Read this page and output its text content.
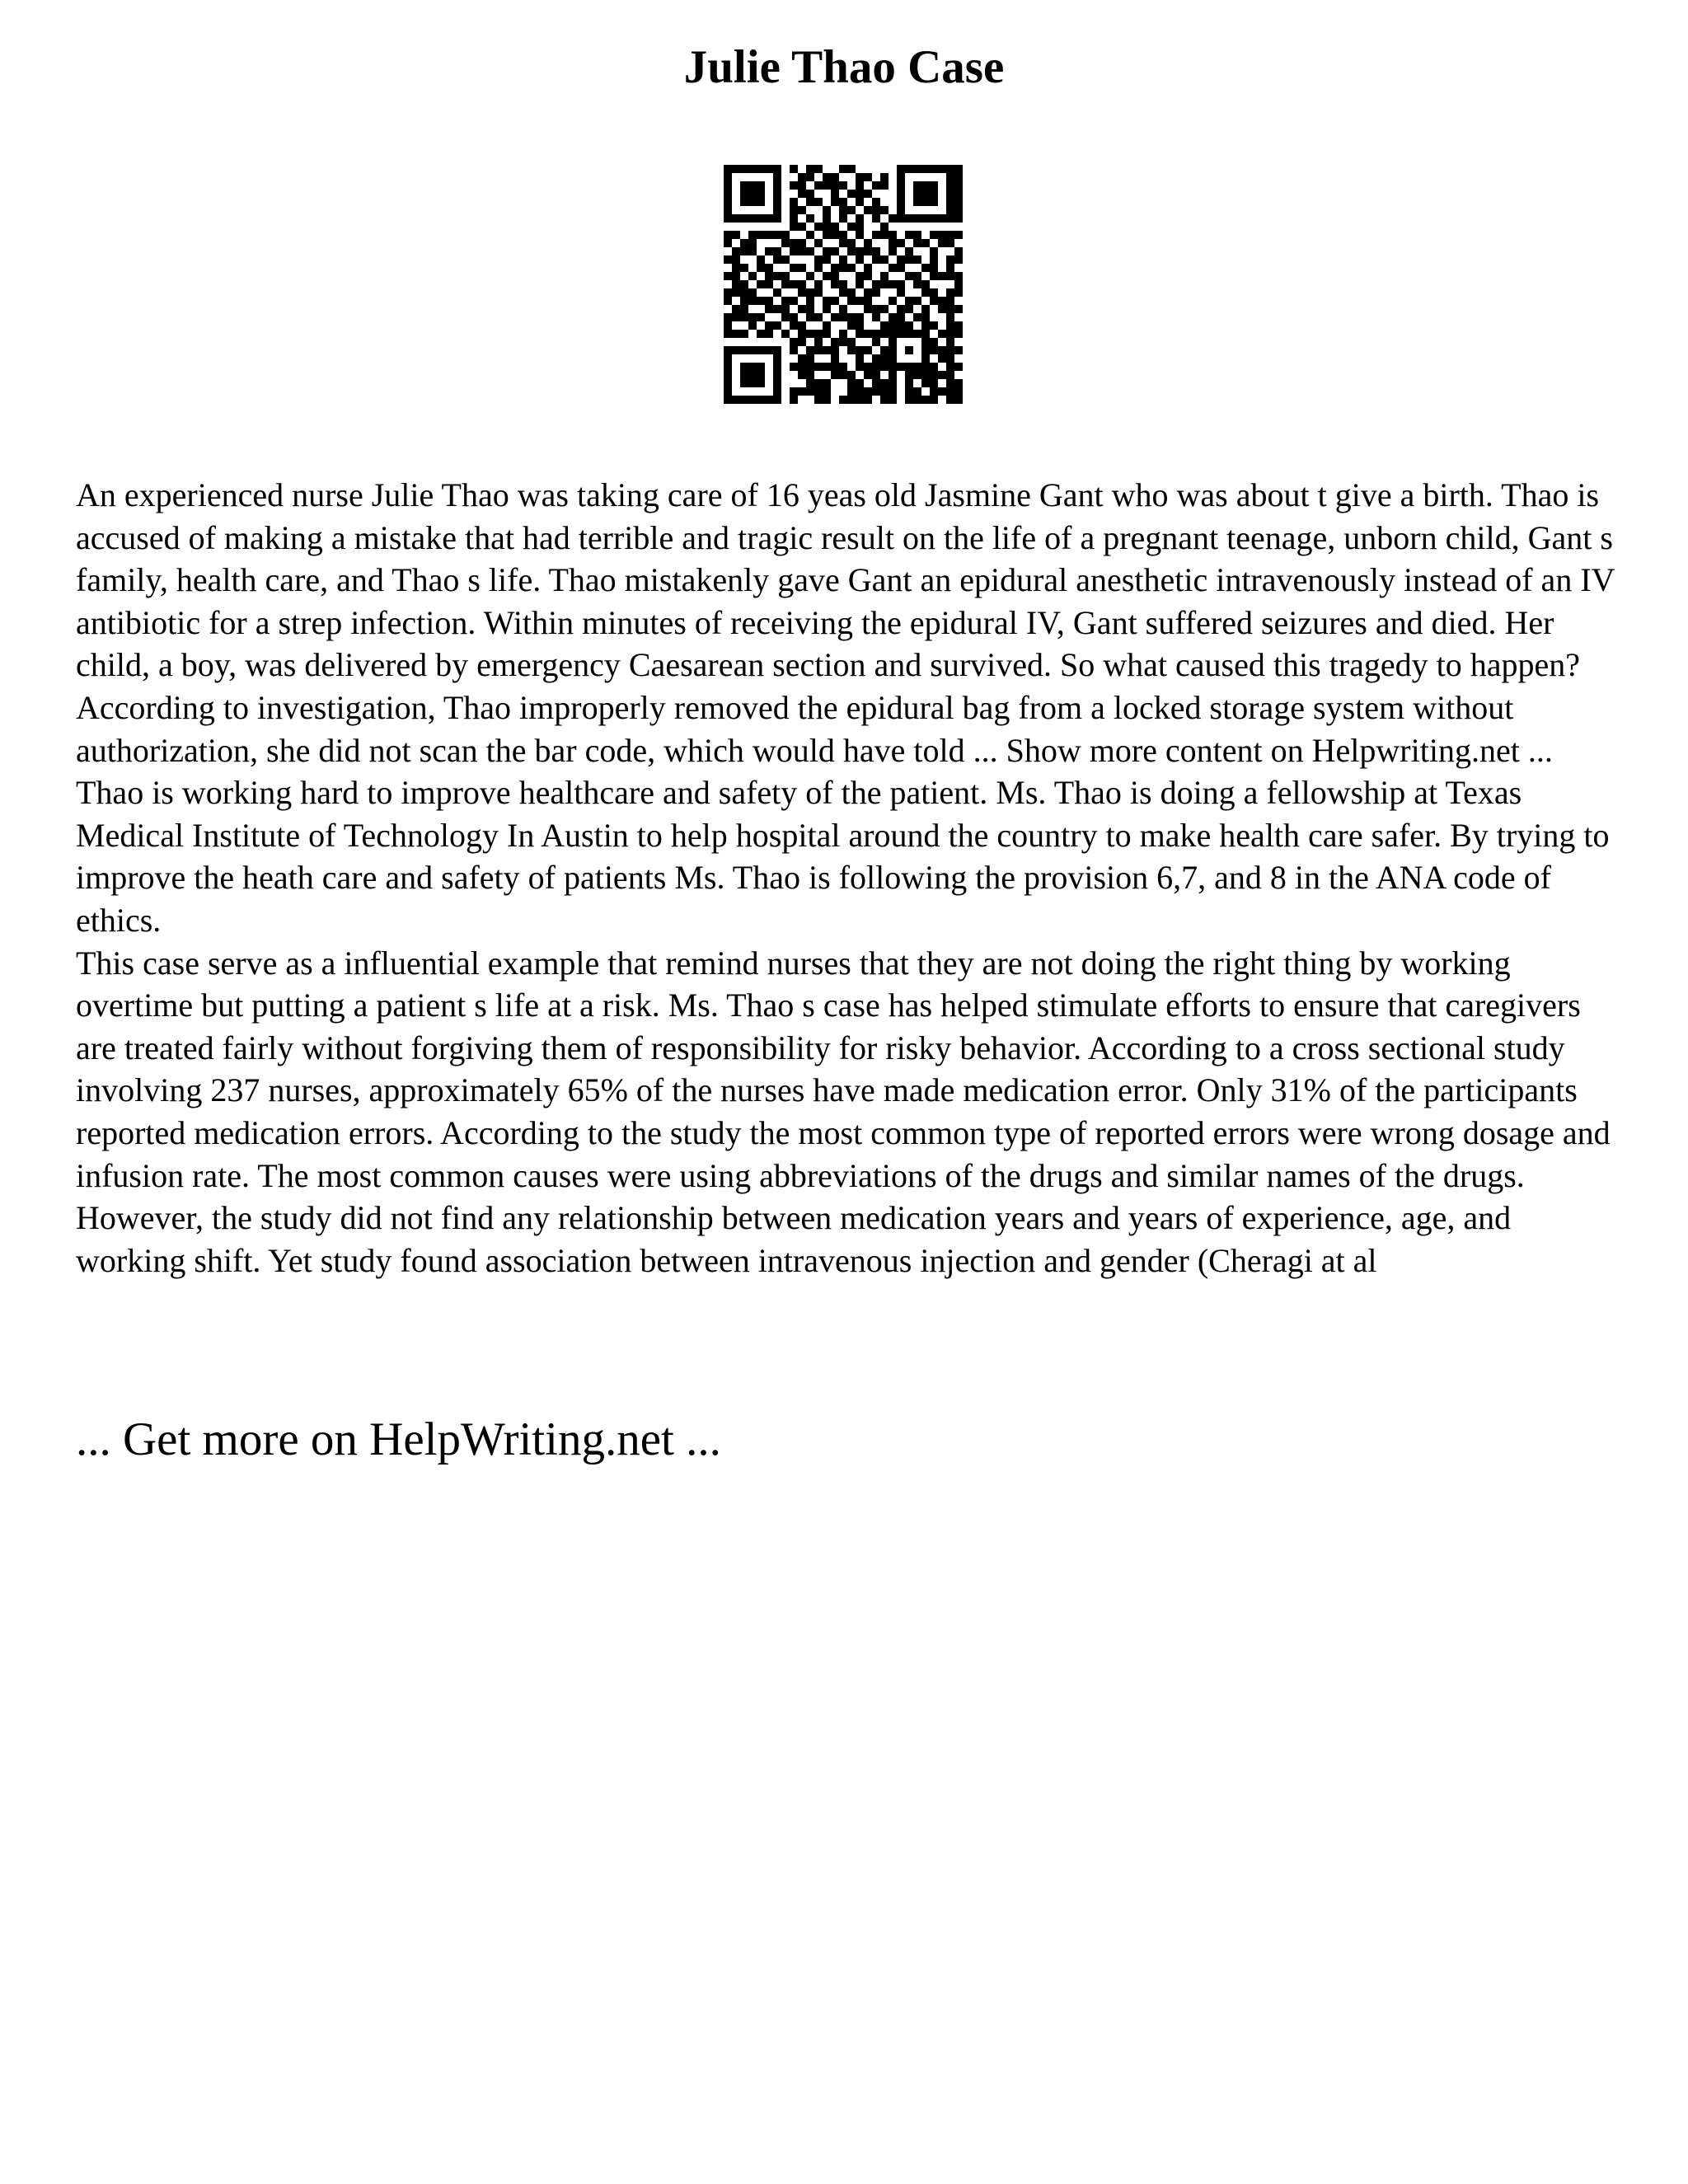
Julie Thao Case

An experienced nurse Julie Thao was taking care of 16 yeas old Jasmine Gant who was about t give a birth. Thao is accused of making a mistake that had terrible and tragic result on the life of a pregnant teenage, unborn child, Gant s family, health care, and Thao s life. Thao mistakenly gave Gant an epidural anesthetic intravenously instead of an IV antibiotic for a strep infection. Within minutes of receiving the epidural IV, Gant suffered seizures and died. Her child, a boy, was delivered by emergency Caesarean section and survived. So what caused this tragedy to happen? According to investigation, Thao improperly removed the epidural bag from a locked storage system without authorization, she did not scan the bar code, which would have told ... Show more content on Helpwriting.net ...

Thao is working hard to improve healthcare and safety of the patient. Ms. Thao is doing a fellowship at Texas Medical Institute of Technology In Austin to help hospital around the country to make health care safer. By trying to improve the heath care and safety of patients Ms. Thao is following the provision 6,7, and 8 in the ANA code of ethics.

This case serve as a influential example that remind nurses that they are not doing the right thing by working overtime but putting a patient s life at a risk. Ms. Thao s case has helped stimulate efforts to ensure that caregivers are treated fairly without forgiving them of responsibility for risky behavior. According to a cross sectional study involving 237 nurses, approximately 65% of the nurses have made medication error. Only 31% of the participants reported medication errors. According to the study the most common type of reported errors were wrong dosage and infusion rate. The most common causes were using abbreviations of the drugs and similar names of the drugs. However, the study did not find any relationship between medication years and years of experience, age, and working shift. Yet study found association between intravenous injection and gender (Cheragi at al

... Get more on HelpWriting.net ...
